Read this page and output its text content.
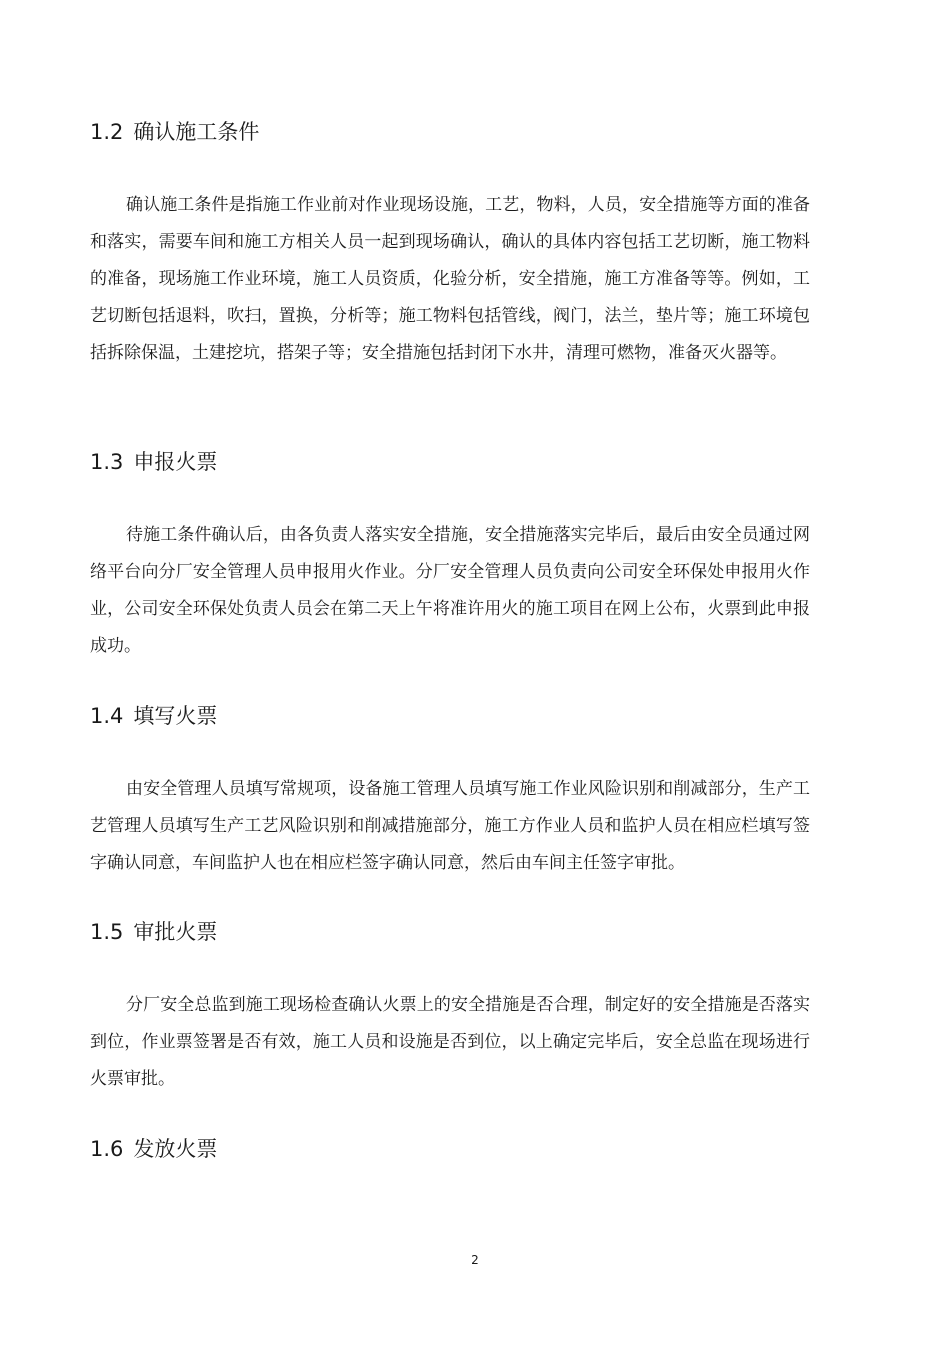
1.2 确认施工条件

确认施工条件是指施工作业前对作业现场设施，工艺，物料，人员，安全措施等方面的准备和落实，需要车间和施工方相关人员一起到现场确认，确认的具体内容包括工艺切断，施工物料的准备，现场施工作业环境，施工人员资质，化验分析，安全措施，施工方准备等等。例如，工艺切断包括退料，吹扫，置换，分析等；施工物料包括管线，阀门，法兰，垫片等；施工环境包括拆除保温，土建挖坑，搭架子等；安全措施包括封闭下水井，清理可燃物，准备灭火器等。

1.3 申报火票

待施工条件确认后，由各负责人落实安全措施，安全措施落实完毕后，最后由安全员通过网络平台向分厂安全管理人员申报用火作业。分厂安全管理人员负责向公司安全环保处申报用火作业，公司安全环保处负责人员会在第二天上午将准许用火的施工项目在网上公布，火票到此申报成功。

1.4 填写火票

由安全管理人员填写常规项，设备施工管理人员填写施工作业风险识别和削减部分，生产工艺管理人员填写生产工艺风险识别和削减措施部分，施工方作业人员和监护人员在相应栏填写签字确认同意，车间监护人也在相应栏签字确认同意，然后由车间主任签字审批。

1.5 审批火票

分厂安全总监到施工现场检查确认火票上的安全措施是否合理，制定好的安全措施是否落实到位，作业票签署是否有效，施工人员和设施是否到位，以上确定完毕后，安全总监在现场进行火票审批。

1.6 发放火票
2
